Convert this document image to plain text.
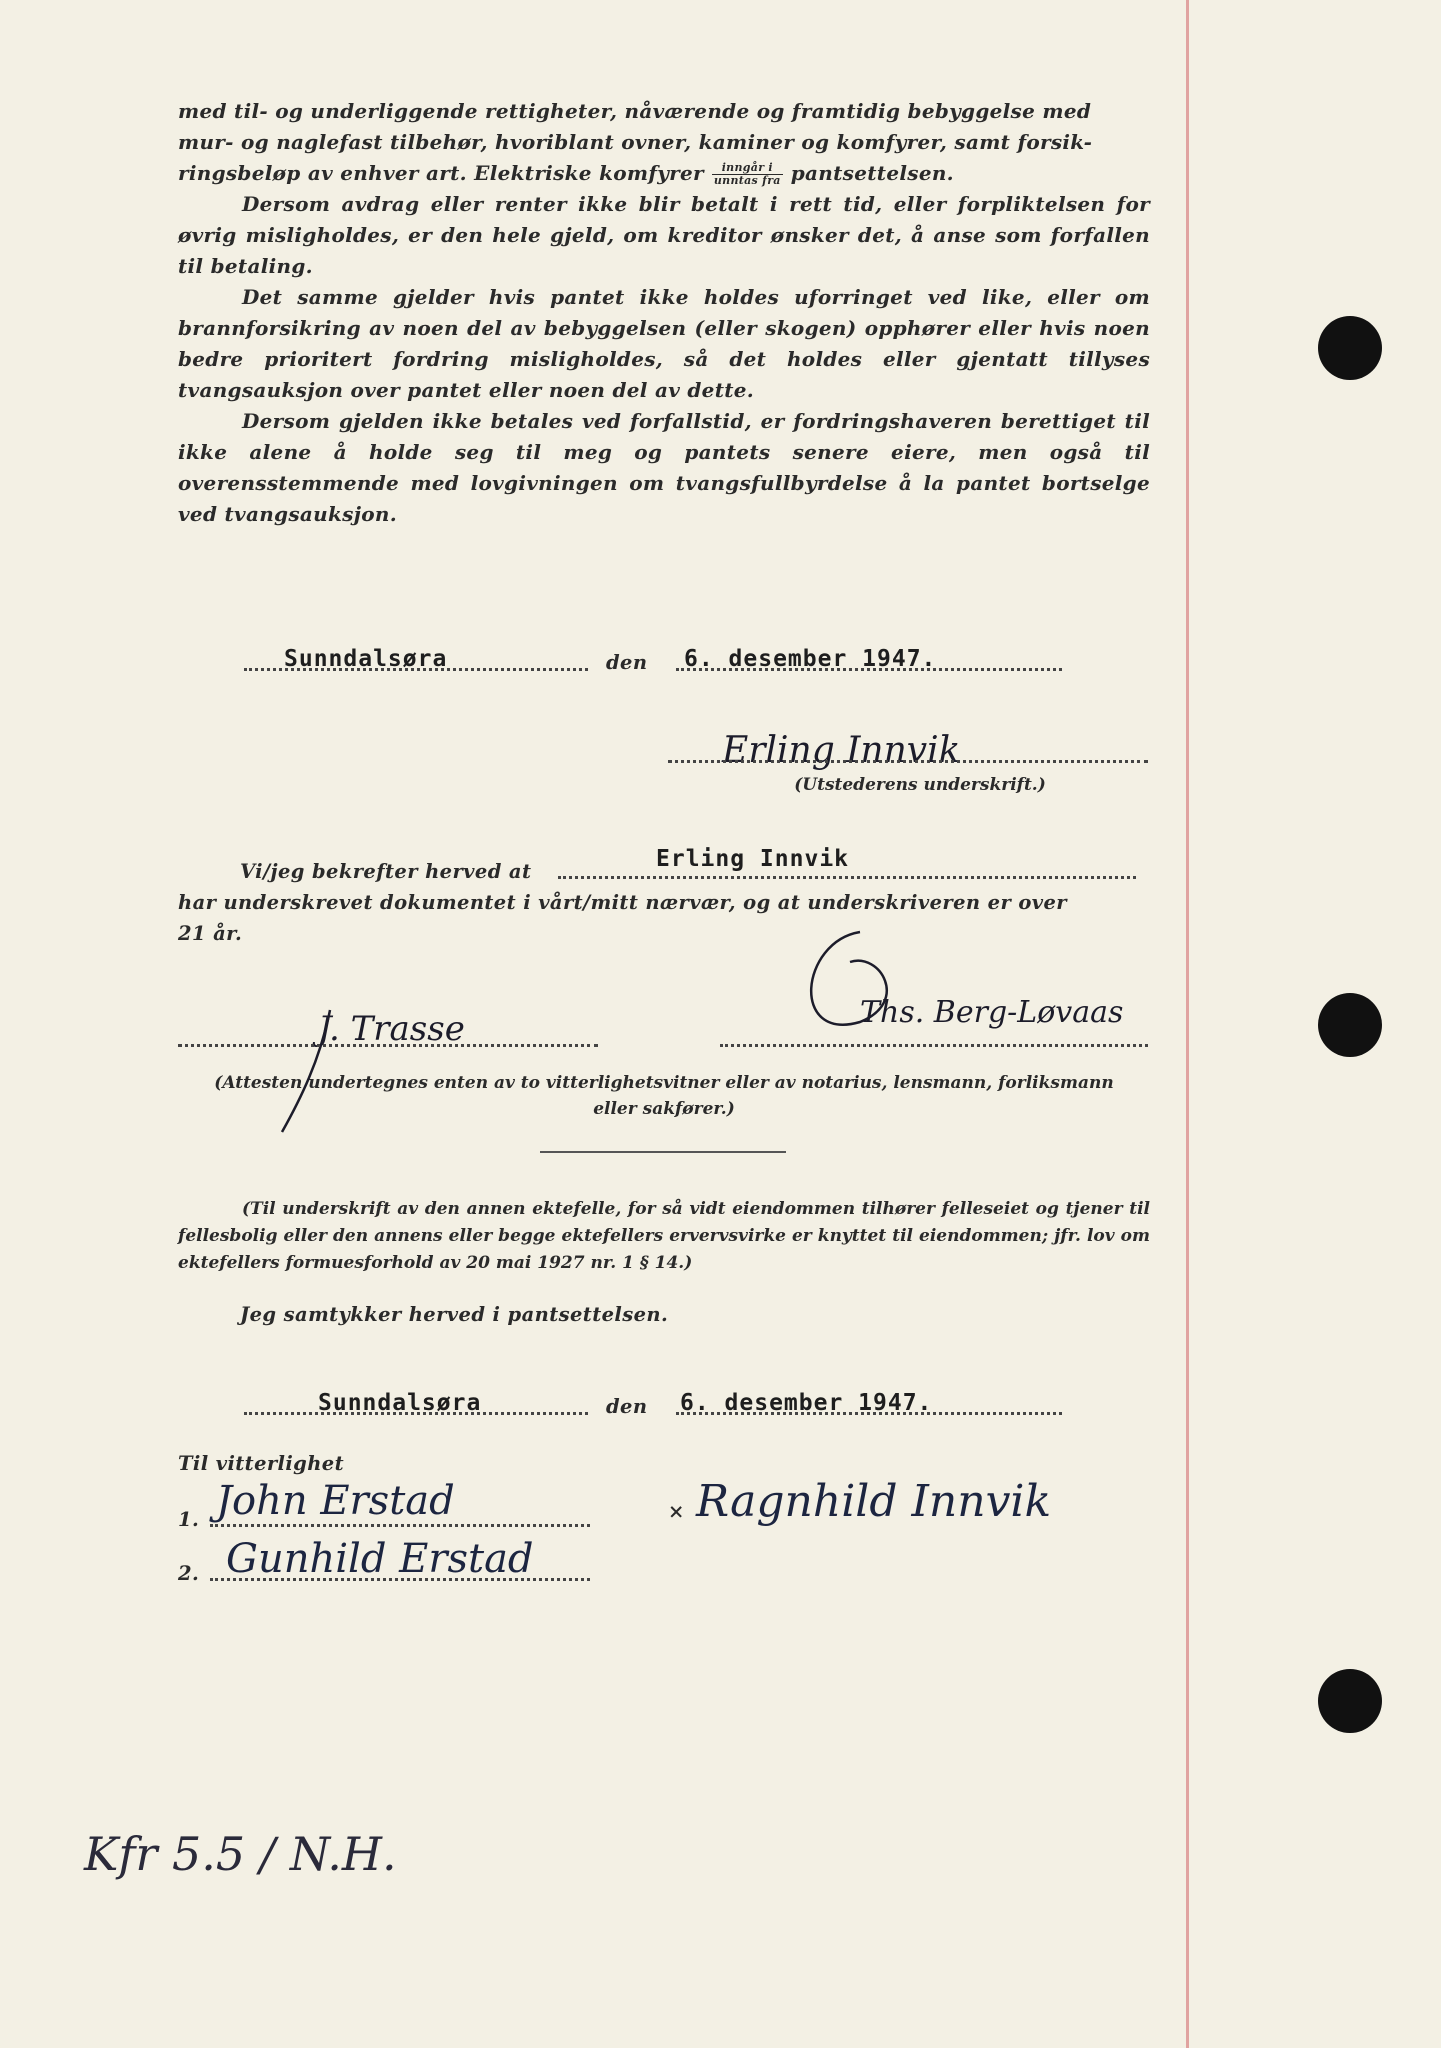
med til- og underliggende rettigheter, nåværende og framtidig bebyggelse med

mur- og naglefast tilbehør, hvoriblant ovner, kaminer og komfyrer, samt forsik-

ringsbeløp av enhver art. Elektriske komfyrer $\frac{\text{inngår i}}{\text{unntas fra}}$ pantsettelsen.

Dersom avdrag eller renter ikke blir betalt i rett tid, eller forpliktelsen for øvrig misligholdes, er den hele gjeld, om kreditor ønsker det, å anse som forfallen til betaling.

Det samme gjelder hvis pantet ikke holdes uforringet ved like, eller om brannforsikring av noen del av bebyggelsen (eller skogen) opphører eller hvis noen bedre prioritert fordring misligholdes, så det holdes eller gjentatt tillyses tvangsauksjon over pantet eller noen del av dette.

Dersom gjelden ikke betales ved forfallstid, er fordringshaveren berettiget til ikke alene å holde seg til meg og pantets senere eiere, men også til overensstemmende med lovgivningen om tvangsfullbyrdelse å la pantet bortselge ved tvangsauksjon.

Sunndalsøra	den 6. desember 1947.
Erling Innvik
(Utstederens underskrift.)
Vi/jeg bekrefter herved at	Erling Innvik
har underskrevet dokumentet i vårt/mitt nærvær, og at underskriveren er over
21 år.
J. Trasse	Ths. Berg-Løvaas
(Attesten undertegnes enten av to vitterlighetsvitner eller av notarius, lensmann, forliksmann
eller sakfører.)

(Til underskrift av den annen ektefelle, for så vidt eiendommen tilhører felleseiet og tjener til fellesbolig eller den annens eller begge ektefellers ervervsvirke er knyttet til eiendommen; jfr. lov om ektefellers formuesforhold av 20 mai 1927 nr. 1 § 14.)

Jeg samtykker herved i pantsettelsen.
Sunndalsøra	den 6. desember 1947.
Til vitterlighet
1. John Erstad
2. Gunhild Erstad
× Ragnhild Innvik
Kfr 5.5 / N.H.
